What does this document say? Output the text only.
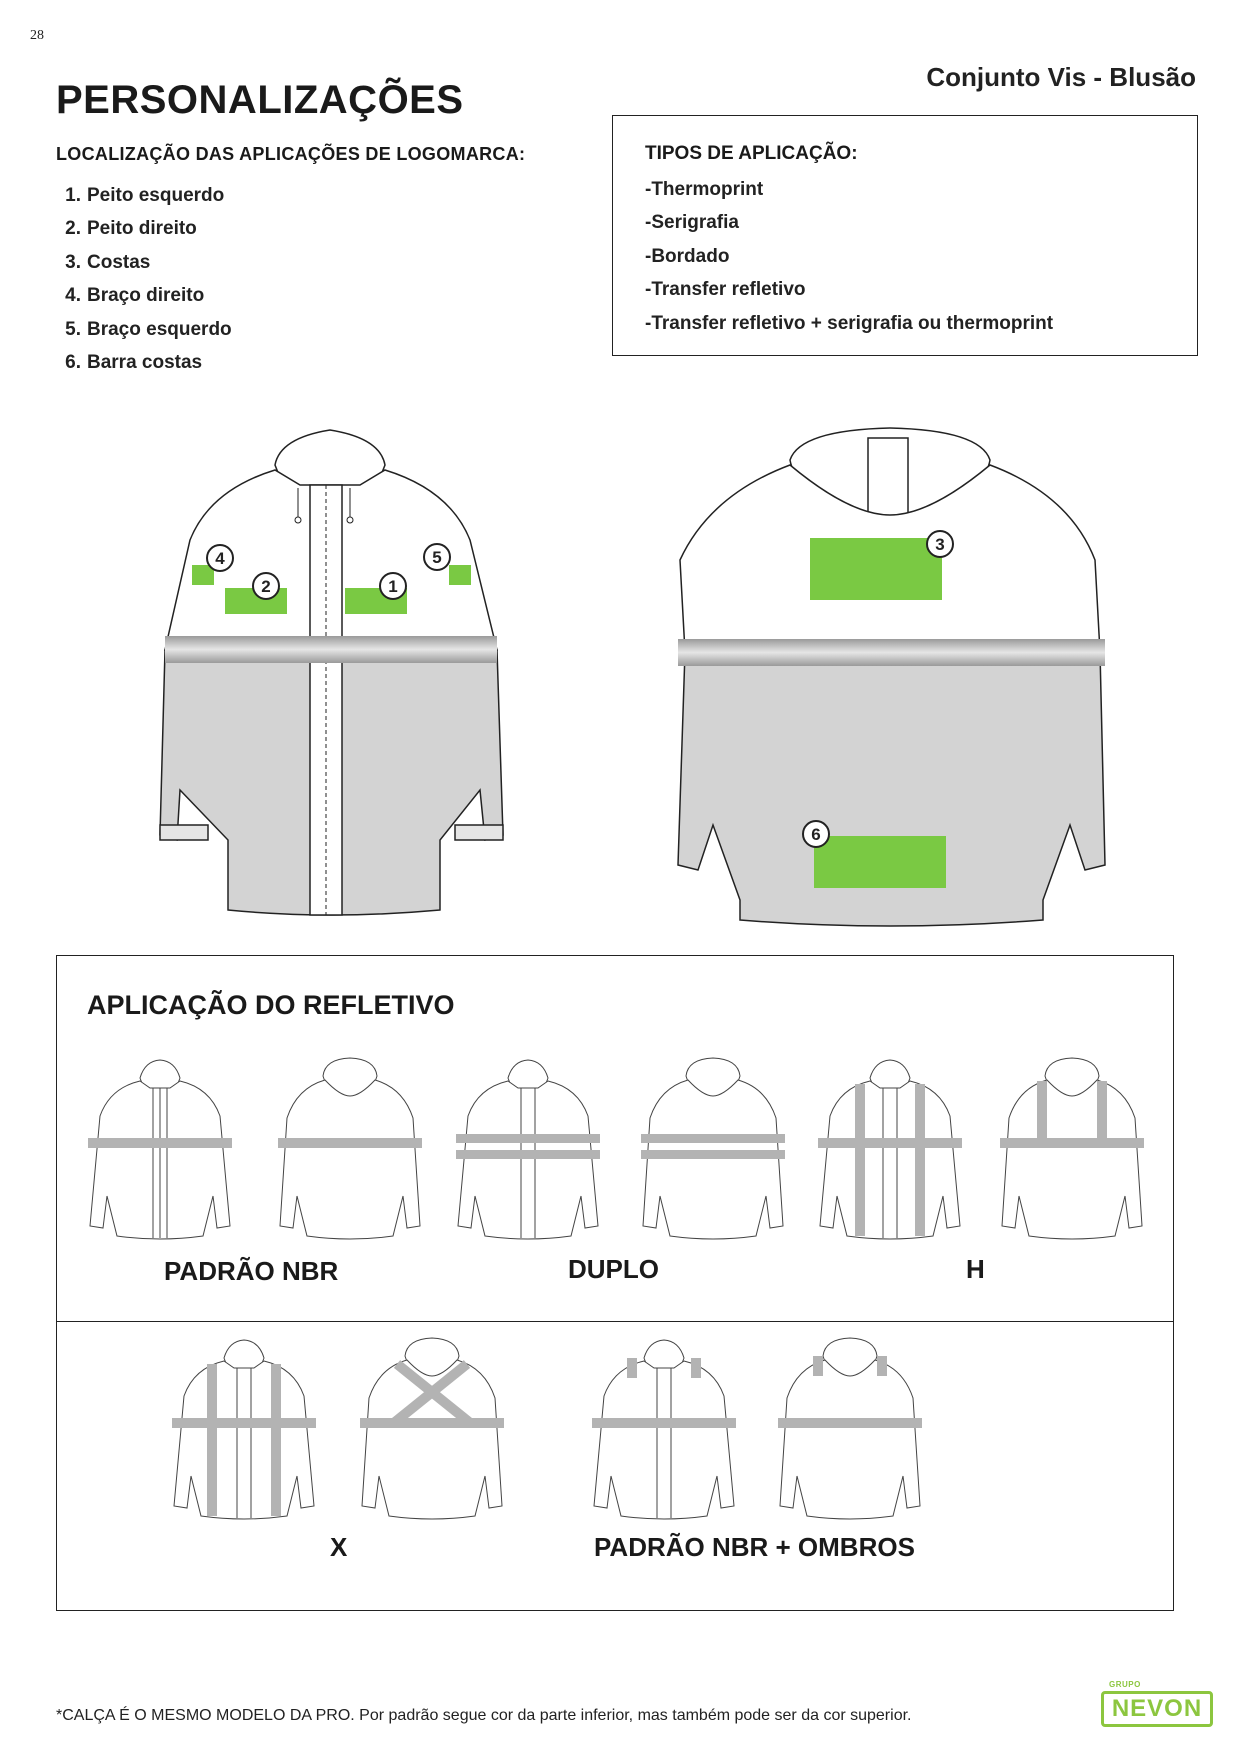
28
PERSONALIZAÇÕES
Conjunto Vis - Blusão
LOCALIZAÇÃO DAS APLICAÇÕES DE LOGOMARCA:
1. Peito esquerdo
2. Peito direito
3. Costas
4. Braço direito
5. Braço esquerdo
6. Barra costas
TIPOS DE APLICAÇÃO:
-Thermoprint
-Serigrafia
-Bordado
-Transfer refletivo
-Transfer refletivo + serigrafia ou thermoprint
1
2
4	5
3
6
APLICAÇÃO DO REFLETIVO
PADRÃO NBR	DUPLO	H
X	PADRÃO NBR + OMBROS
*CALÇA É O MESMO MODELO DA PRO. Por padrão segue cor da parte inferior, mas também pode ser da cor superior.
GRUPO
NEVON
